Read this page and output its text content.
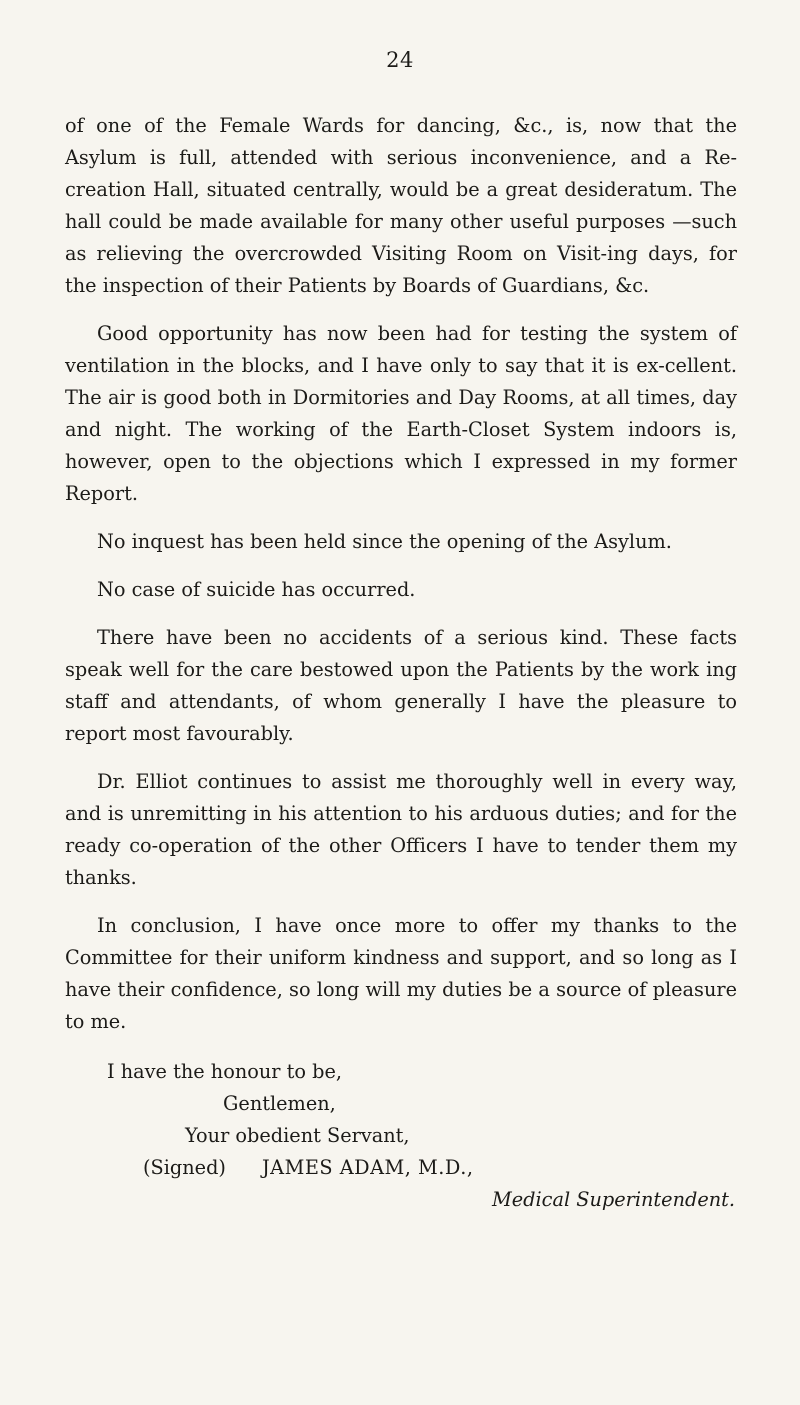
24

of one of the Female Wards for dancing, &c., is, now that the Asylum is full, attended with serious inconvenience, and a Re-creation Hall, situated centrally, would be a great desideratum. The hall could be made available for many other useful purposes —such as relieving the overcrowded Visiting Room on Visit-ing days, for the inspection of their Patients by Boards of Guardians, &c.

Good opportunity has now been had for testing the system of ventilation in the blocks, and I have only to say that it is ex-cellent. The air is good both in Dormitories and Day Rooms, at all times, day and night. The working of the Earth-Closet System indoors is, however, open to the objections which I expressed in my former Report.

No inquest has been held since the opening of the Asylum.

No case of suicide has occurred.

There have been no accidents of a serious kind. These facts speak well for the care bestowed upon the Patients by the work ing staff and attendants, of whom generally I have the pleasure to report most favourably.

Dr. Elliot continues to assist me thoroughly well in every way, and is unremitting in his attention to his arduous duties; and for the ready co-operation of the other Officers I have to tender them my thanks.

In conclusion, I have once more to offer my thanks to the Committee for their uniform kindness and support, and so long as I have their confidence, so long will my duties be a source of pleasure to me.

I have the honour to be,
Gentlemen,
Your obedient Servant,
(Signed) JAMES ADAM, M.D.,
Medical Superintendent.
